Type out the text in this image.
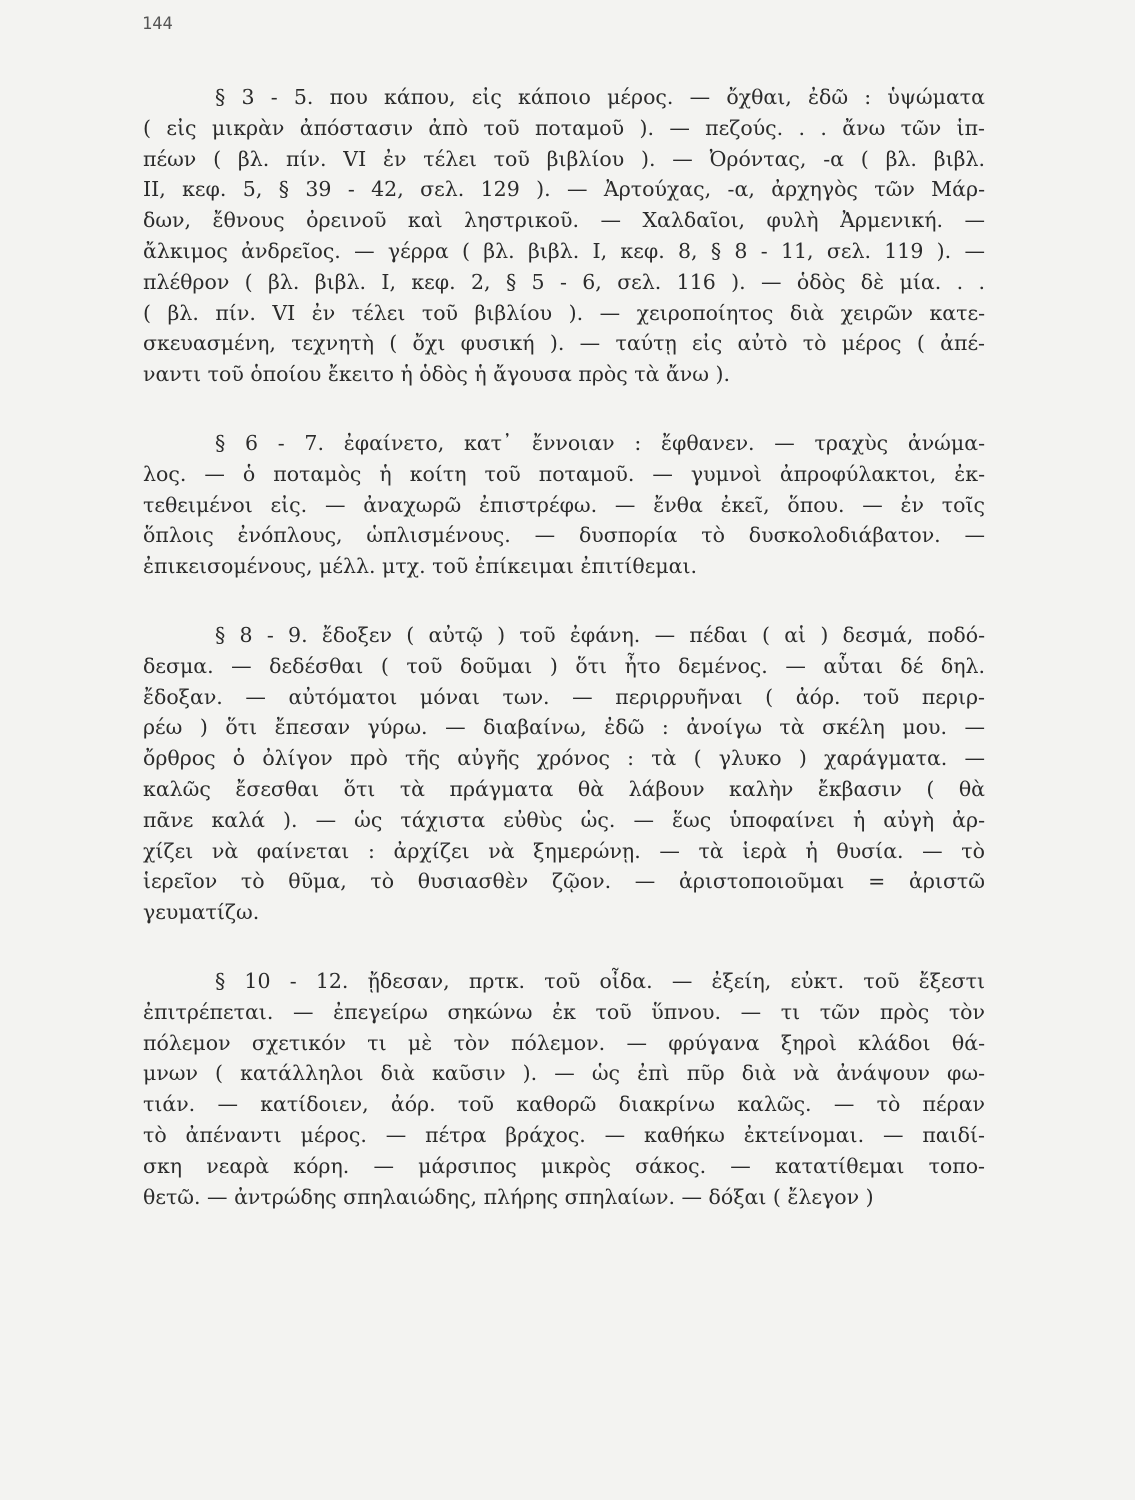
144

§ 3 - 5. που κάπου, εἰς κάποιο μέρος. — ὄχθαι, ἐδῶ : ὑψώματα
( εἰς μικρὰν ἀπόστασιν ἀπὸ τοῦ ποταμοῦ ). — πεζούς. . . ἄνω τῶν ἱπ-
πέων ( βλ. πίν. VI ἐν τέλει τοῦ βιβλίου ). — Ὀρόντας, -α ( βλ. βιβλ.
II, κεφ. 5, § 39 - 42, σελ. 129 ). — Ἀρτούχας, -α, ἀρχηγὸς τῶν Μάρ-
δων, ἔθνους ὀρεινοῦ καὶ ληστρικοῦ. — Χαλδαῖοι, φυλὴ Ἀρμενική. —
ἄλκιμος ἀνδρεῖος. — γέρρα ( βλ. βιβλ. I, κεφ. 8, § 8 - 11, σελ. 119 ). —
πλέθρον ( βλ. βιβλ. I, κεφ. 2, § 5 - 6, σελ. 116 ). — ὁδὸς δὲ μία. . .
( βλ. πίν. VI ἐν τέλει τοῦ βιβλίου ). — χειροποίητος διὰ χειρῶν κατε-
σκευασμένη, τεχνητὴ ( ὄχι φυσική ). — ταύτῃ εἰς αὐτὸ τὸ μέρος ( ἀπέ-
ναντι τοῦ ὁποίου ἔκειτο ἡ ὁδὸς ἡ ἄγουσα πρὸς τὰ ἄνω ).

§ 6 - 7. ἐφαίνετο, κατ᾽ ἔννοιαν : ἔφθανεν. — τραχὺς ἀνώμα-
λος. — ὁ ποταμὸς ἡ κοίτη τοῦ ποταμοῦ. — γυμνοὶ ἀπροφύλακτοι, ἐκ-
τεθειμένοι εἰς. — ἀναχωρῶ ἐπιστρέφω. — ἔνθα ἐκεῖ, ὅπου. — ἐν τοῖς
ὅπλοις ἐνόπλους, ὡπλισμένους. — δυσπορία τὸ δυσκολοδιάβατον. —
ἐπικεισομένους, μέλλ. μτχ. τοῦ ἐπίκειμαι ἐπιτίθεμαι.

§ 8 - 9. ἔδοξεν ( αὐτῷ ) τοῦ ἐφάνη. — πέδαι ( αἱ ) δεσμά, ποδό-
δεσμα. — δεδέσθαι ( τοῦ δοῦμαι ) ὅτι ἦτο δεμένος. — αὗται δέ δηλ.
ἔδοξαν. — αὐτόματοι μόναι των. — περιρρυῆναι ( ἀόρ. τοῦ περιρ-
ρέω ) ὅτι ἔπεσαν γύρω. — διαβαίνω, ἐδῶ : ἀνοίγω τὰ σκέλη μου. —
ὄρθρος ὁ ὀλίγον πρὸ τῆς αὐγῆς χρόνος : τὰ ( γλυκο ) χαράγματα. —
καλῶς ἔσεσθαι ὅτι τὰ πράγματα θὰ λάβουν καλὴν ἔκβασιν ( θὰ
πᾶνε καλά ). — ὡς τάχιστα εὐθὺς ὡς. — ἕως ὑποφαίνει ἡ αὐγὴ ἀρ-
χίζει νὰ φαίνεται : ἀρχίζει νὰ ξημερώνῃ. — τὰ ἱερὰ ἡ θυσία. — τὸ
ἱερεῖον τὸ θῦμα, τὸ θυσιασθὲν ζῷον. — ἀριστοποιοῦμαι = ἀριστῶ
γευματίζω.

§ 10 - 12. ᾔδεσαν, πρτκ. τοῦ οἶδα. — ἐξείη, εὐκτ. τοῦ ἔξεστι
ἐπιτρέπεται. — ἐπεγείρω σηκώνω ἐκ τοῦ ὕπνου. — τι τῶν πρὸς τὸν
πόλεμον σχετικόν τι μὲ τὸν πόλεμον. — φρύγανα ξηροὶ κλάδοι θά-
μνων ( κατάλληλοι διὰ καῦσιν ). — ὡς ἐπὶ πῦρ διὰ νὰ ἀνάψουν φω-
τιάν. — κατίδοιεν, ἀόρ. τοῦ καθορῶ διακρίνω καλῶς. — τὸ πέραν
τὸ ἀπέναντι μέρος. — πέτρα βράχος. — καθήκω ἐκτείνομαι. — παιδί-
σκη νεαρὰ κόρη. — μάρσιπος μικρὸς σάκος. — κατατίθεμαι τοπο-
θετῶ. — ἀντρώδης σπηλαιώδης, πλήρης σπηλαίων. — δόξαι ( ἔλεγον )
